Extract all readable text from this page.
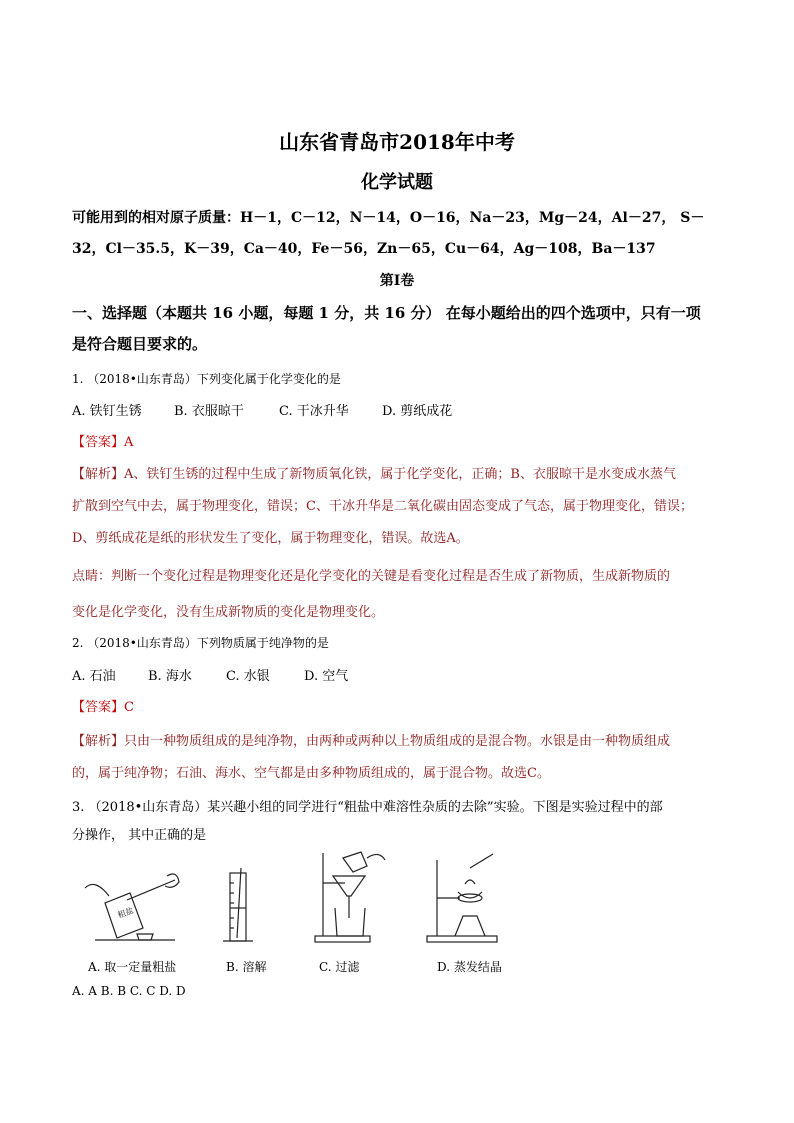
山东省青岛市2018年中考
化学试题
可能用到的相对原子质量：H－1，C－12，N－14，O－16，Na－23，Mg－24，Al－27， S－
32，Cl－35.5，K－39，Ca－40，Fe－56，Zn－65，Cu－64，Ag－108，Ba－137
第Ⅰ卷
一、选择题（本题共 16 小题，每题 1 分，共 16 分） 在每小题给出的四个选项中，只有一项
是符合题目要求的。
1. （2018•山东青岛）下列变化属于化学变化的是
A. 铁钉生锈 B. 衣服晾干	C. 干冰升华	D. 剪纸成花
【答案】A
【解析】A、铁钉生锈的过程中生成了新物质氧化铁，属于化学变化，正确；B、衣服晾干是水变成水蒸气
扩散到空气中去，属于物理变化，错误；C、干冰升华是二氧化碳由固态变成了气态，属于物理变化，错误；
D、剪纸成花是纸的形状发生了变化，属于物理变化，错误。故选A。
点睛：判断一个变化过程是物理变化还是化学变化的关键是看变化过程是否生成了新物质，生成新物质的
变化是化学变化，没有生成新物质的变化是物理变化。
2. （2018•山东青岛）下列物质属于纯净物的是
A. 石油 B. 海水	C. 水银	D. 空气
【答案】C
【解析】只由一种物质组成的是纯净物，由两种或两种以上物质组成的是混合物。水银是由一种物质组成
的，属于纯净物；石油、海水、空气都是由多种物质组成的，属于混合物。故选C。
3. （2018•山东青岛）某兴趣小组的同学进行“粗盐中难溶性杂质的去除”实验。下图是实验过程中的部
分操作， 其中正确的是
粗盐
A. 取一定量粗盐	B. 溶解	C. 过滤	D. 蒸发结晶
A. A B. B C. C D. D
